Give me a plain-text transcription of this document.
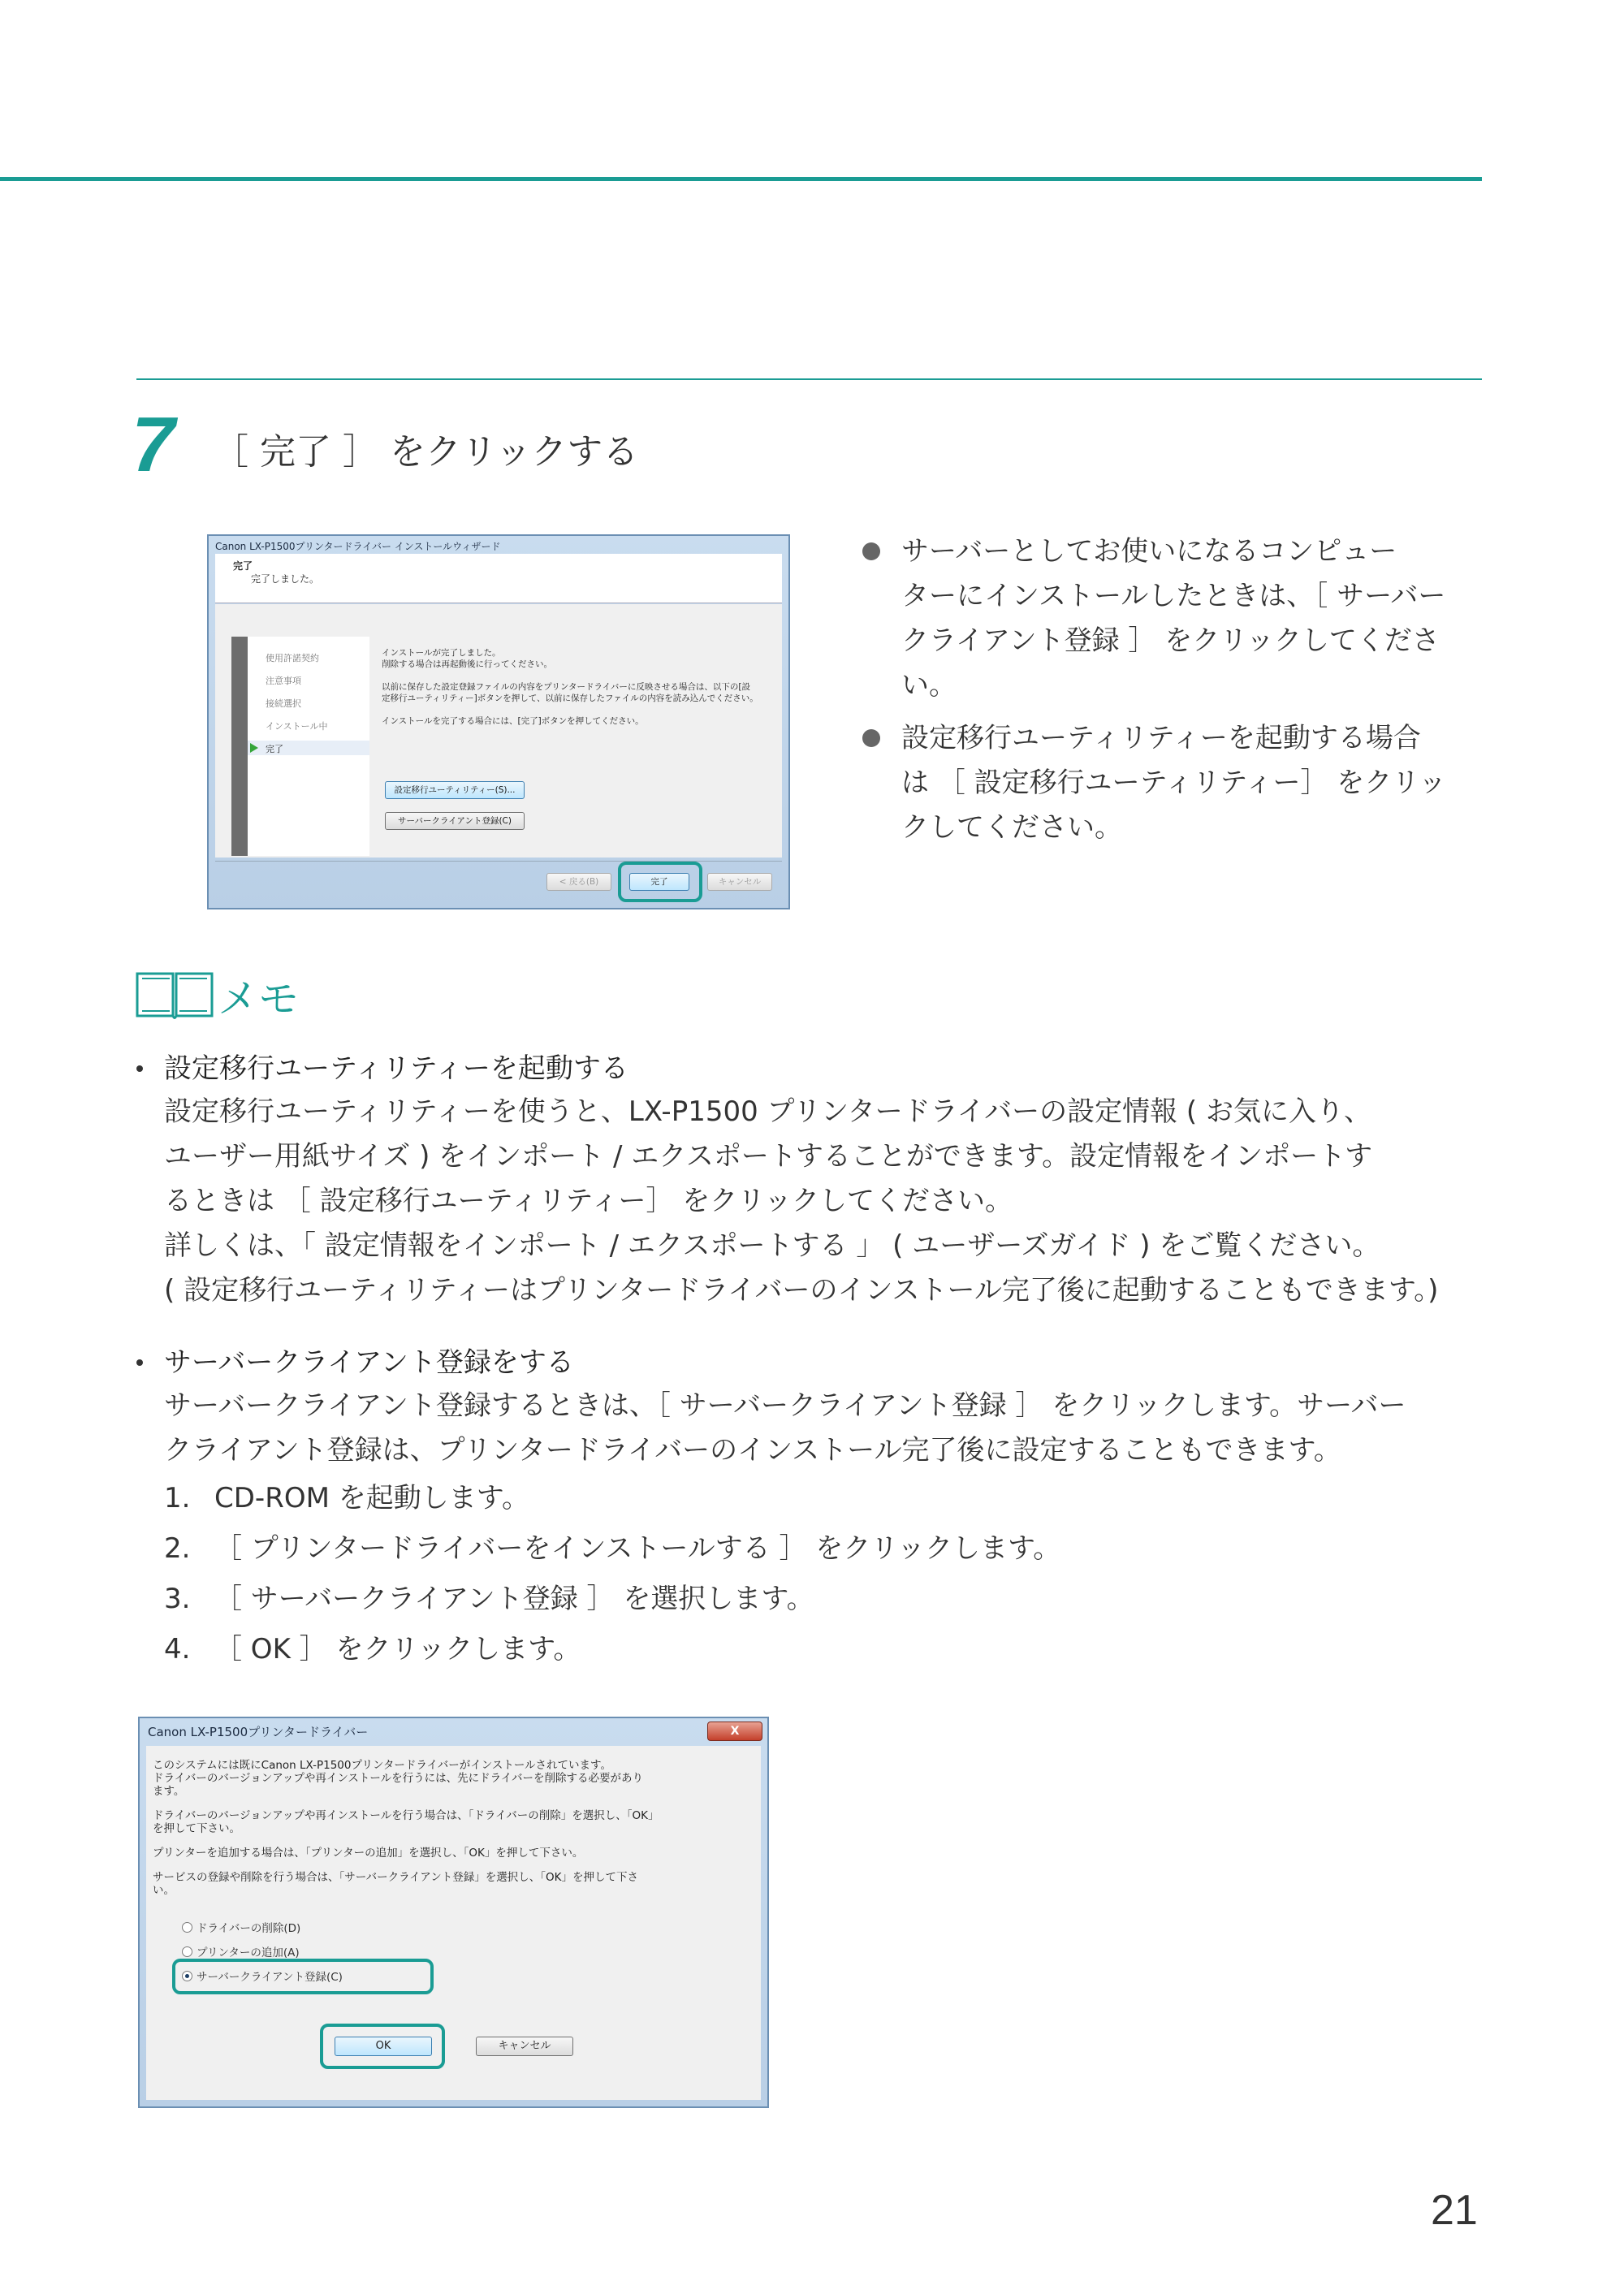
7 ［ 完了 ］ をクリックする
Canon LX-P1500プリンタードライバー インストールウィザード
完了
完了しました。
使用許諾契約
注意事項
接続選択
インストール中
完了
インストールが完了しました。
削除する場合は再起動後に行ってください。
以前に保存した設定登録ファイルの内容をプリンタードライバーに反映させる場合は、以下の[設
定移行ユーティリティー]ボタンを押して、以前に保存したファイルの内容を読み込んでください。
インストールを完了する場合には、[完了]ボタンを押してください。
設定移行ユーティリティー(S)...
サーバークライアント登録(C)
< 戻る(B)	完了	キャンセル
サーバーとしてお使いになるコンピュー
ターにインストールしたときは、［ サーバー
クライアント登録 ］ をクリックしてくださ
い。
設定移行ユーティリティーを起動する場合
は ［ 設定移行ユーティリティー］ をクリッ
クしてください。
メモ
設定移行ユーティリティーを起動する
設定移行ユーティリティーを使うと、LX-P1500 プリンタードライバーの設定情報 ( お気に入り、
ユーザー用紙サイズ ) をインポート / エクスポートすることができます。設定情報をインポートす
るときは ［ 設定移行ユーティリティー］ をクリックしてください。
詳しくは、「 設定情報をインポート / エクスポートする 」 ( ユーザーズガイド ) をご覧ください。
( 設定移行ユーティリティーはプリンタードライバーのインストール完了後に起動することもできます。)
サーバークライアント登録をする
サーバークライアント登録するときは、［ サーバークライアント登録 ］ をクリックします。サーバー
クライアント登録は、プリンタードライバーのインストール完了後に設定することもできます。
1. CD-ROM を起動します。
2. ［ プリンタードライバーをインストールする ］ をクリックします。
3. ［ サーバークライアント登録 ］ を選択します。
4. ［ OK ］ をクリックします。
Canon LX-P1500プリンタードライバー	X
このシステムには既にCanon LX-P1500プリンタードライバーがインストールされています。
ドライバーのバージョンアップや再インストールを行うには、先にドライバーを削除する必要があり
ます。
ドライバーのバージョンアップや再インストールを行う場合は、「ドライバーの削除」を選択し、「OK」
を押して下さい。
プリンターを追加する場合は、「プリンターの追加」を選択し、「OK」を押して下さい。
サービスの登録や削除を行う場合は、「サーバークライアント登録」を選択し、「OK」を押して下さ
い。
ドライバーの削除(D)
プリンターの追加(A)
サーバークライアント登録(C)
OK	キャンセル
21
